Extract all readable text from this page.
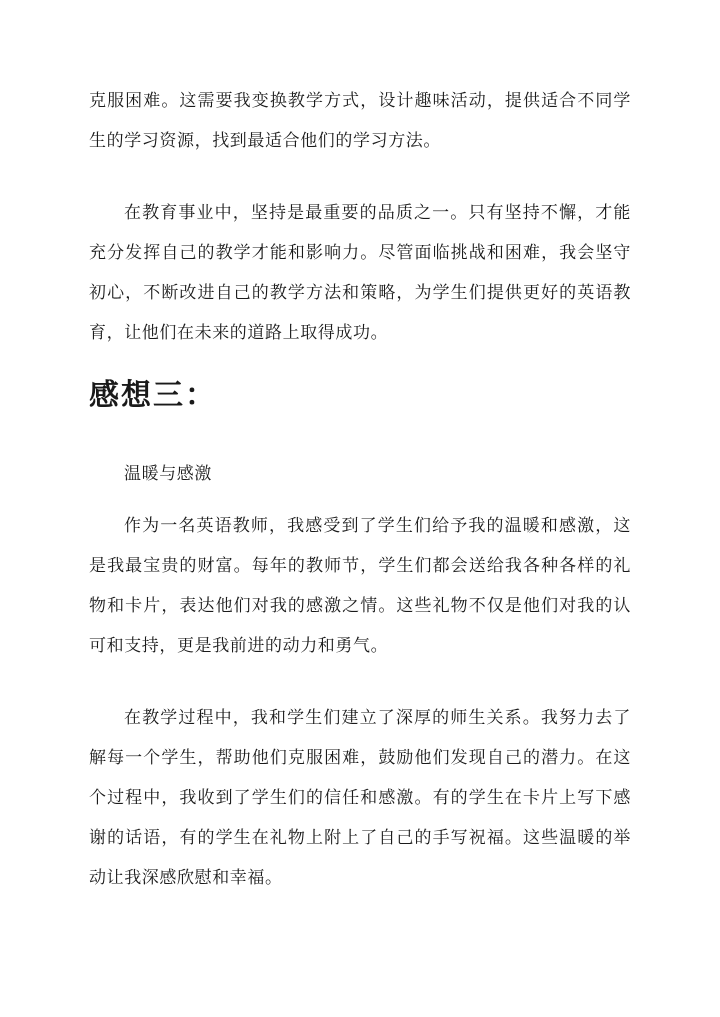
克服困难。这需要我变换教学方式，设计趣味活动，提供适合不同学生的学习资源，找到最适合他们的学习方法。

在教育事业中，坚持是最重要的品质之一。只有坚持不懈，才能充分发挥自己的教学才能和影响力。尽管面临挑战和困难，我会坚守初心，不断改进自己的教学方法和策略，为学生们提供更好的英语教育，让他们在未来的道路上取得成功。

感想三：

温暖与感激

作为一名英语教师，我感受到了学生们给予我的温暖和感激，这是我最宝贵的财富。每年的教师节，学生们都会送给我各种各样的礼物和卡片，表达他们对我的感激之情。这些礼物不仅是他们对我的认可和支持，更是我前进的动力和勇气。

在教学过程中，我和学生们建立了深厚的师生关系。我努力去了解每一个学生，帮助他们克服困难，鼓励他们发现自己的潜力。在这个过程中，我收到了学生们的信任和感激。有的学生在卡片上写下感谢的话语，有的学生在礼物上附上了自己的手写祝福。这些温暖的举动让我深感欣慰和幸福。
